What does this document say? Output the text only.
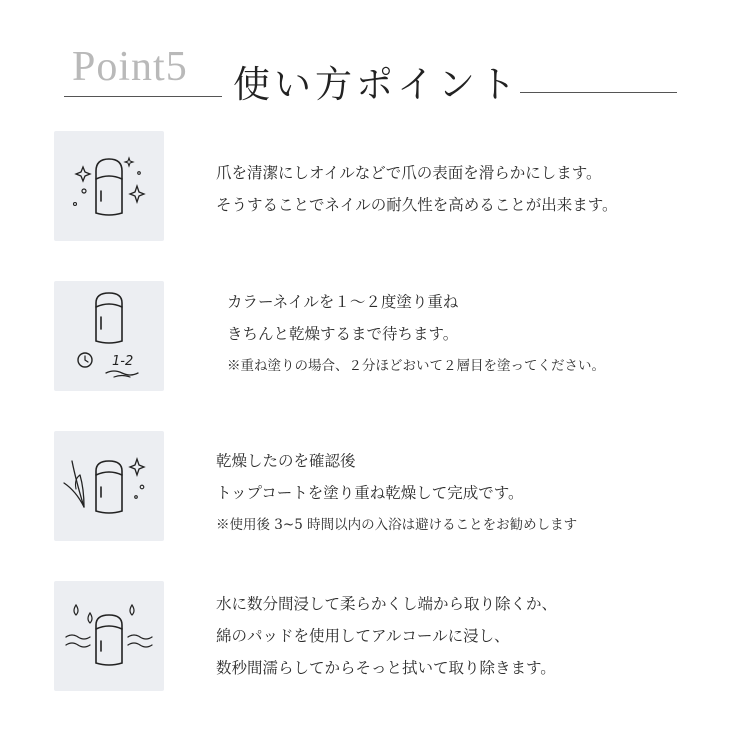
Point5 使い方ポイント
爪を清潔にしオイルなどで爪の表面を滑らかにします。
そうすることでネイルの耐久性を高めることが出来ます。
1-2
カラーネイルを１～２度塗り重ね
きちんと乾燥するまで待ちます。
※重ね塗りの場合、２分ほどおいて２層目を塗ってください。
乾燥したのを確認後
トップコートを塗り重ね乾燥して完成です。
※使用後 3~5 時間以内の入浴は避けることをお勧めします
水に数分間浸して柔らかくし端から取り除くか、
綿のパッドを使用してアルコールに浸し、
数秒間濡らしてからそっと拭いて取り除きます。
